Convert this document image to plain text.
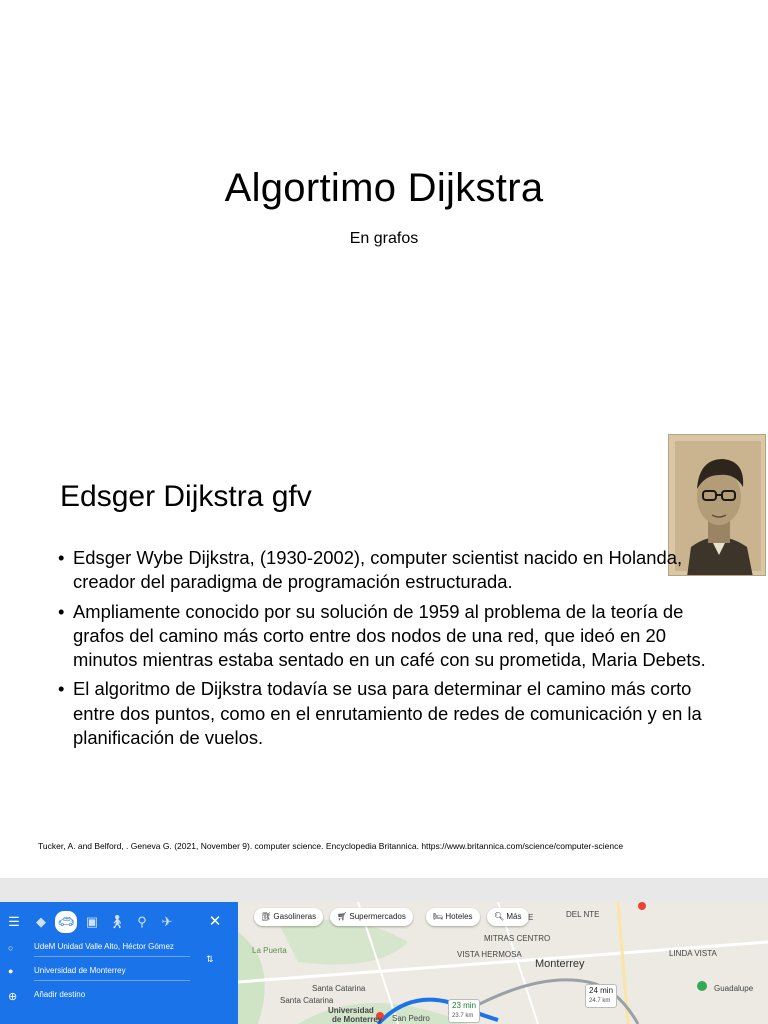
Algortimo Dijkstra
En grafos
Edsger Dijkstra gfv
• Edsger Wybe Dijkstra, (1930-2002), computer scientist nacido en Holanda, creador del paradigma de programación estructurada.
• Ampliamente conocido por su solución de 1959 al problema de la teoría de grafos del camino más corto entre dos nodos de una red, que ideó en 20 minutos mientras estaba sentado en un café con su prometida, Maria Debets.
• El algoritmo de Dijkstra todavía se usa para determinar el camino más corto entre dos puntos, como en el enrutamiento de redes de comunicación y en la planificación de vuelos.
Tucker, A. and Belford, . Geneva G. (2021, November 9). computer science. Encyclopedia Britannica. https://www.britannica.com/science/computer-science
☰	◆ 🚗︎ ▣ 🚶︎ ⚲	✈︎ ✕
○	UdeM Unidad Valle Alto, Héctor Gómez
●	Universidad de Monterrey
⇅
⊕ Añadir destino
⛽︎ Gasolineras	🛒︎ Supermercados	🛏︎ Hoteles	🔍︎ Más E	DEL NTE
MITRAS CENTRO
VISTA HERMOSA
Monterrey
LINDA VISTA
La Puerta
Santa Catarina
Santa Catarina
Guadalupe
Universidad
de Monterrey San Pedro
23 min
23.7 km
24 min
24.7 km
